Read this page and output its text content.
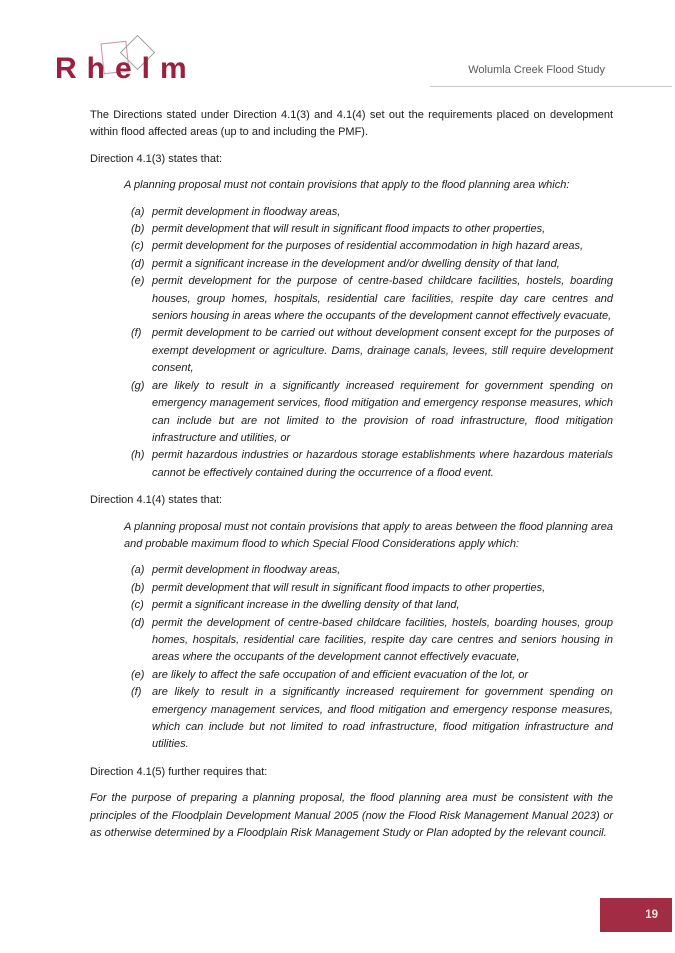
Rhelm	Wolumla Creek Flood Study

The Directions stated under Direction 4.1(3) and 4.1(4) set out the requirements placed on development within flood affected areas (up to and including the PMF).

Direction 4.1(3) states that:

A planning proposal must not contain provisions that apply to the flood planning area which:

(a) permit development in floodway areas,
(b) permit development that will result in significant flood impacts to other properties,
(c) permit development for the purposes of residential accommodation in high hazard areas,
(d) permit a significant increase in the development and/or dwelling density of that land,
(e) permit development for the purpose of centre-based childcare facilities, hostels, boarding houses, group homes, hospitals, residential care facilities, respite day care centres and seniors housing in areas where the occupants of the development cannot effectively evacuate,
(f) permit development to be carried out without development consent except for the purposes of exempt development or agriculture. Dams, drainage canals, levees, still require development consent,
(g) are likely to result in a significantly increased requirement for government spending on emergency management services, flood mitigation and emergency response measures, which can include but are not limited to the provision of road infrastructure, flood mitigation infrastructure and utilities, or
(h) permit hazardous industries or hazardous storage establishments where hazardous materials cannot be effectively contained during the occurrence of a flood event.

Direction 4.1(4) states that:

A planning proposal must not contain provisions that apply to areas between the flood planning area and probable maximum flood to which Special Flood Considerations apply which:

(a) permit development in floodway areas,
(b) permit development that will result in significant flood impacts to other properties,
(c) permit a significant increase in the dwelling density of that land,
(d) permit the development of centre-based childcare facilities, hostels, boarding houses, group homes, hospitals, residential care facilities, respite day care centres and seniors housing in areas where the occupants of the development cannot effectively evacuate,
(e) are likely to affect the safe occupation of and efficient evacuation of the lot, or
(f) are likely to result in a significantly increased requirement for government spending on emergency management services, and flood mitigation and emergency response measures, which can include but not limited to road infrastructure, flood mitigation infrastructure and utilities.

Direction 4.1(5) further requires that:

For the purpose of preparing a planning proposal, the flood planning area must be consistent with the principles of the Floodplain Development Manual 2005 (now the Flood Risk Management Manual 2023) or as otherwise determined by a Floodplain Risk Management Study or Plan adopted by the relevant council.

19
